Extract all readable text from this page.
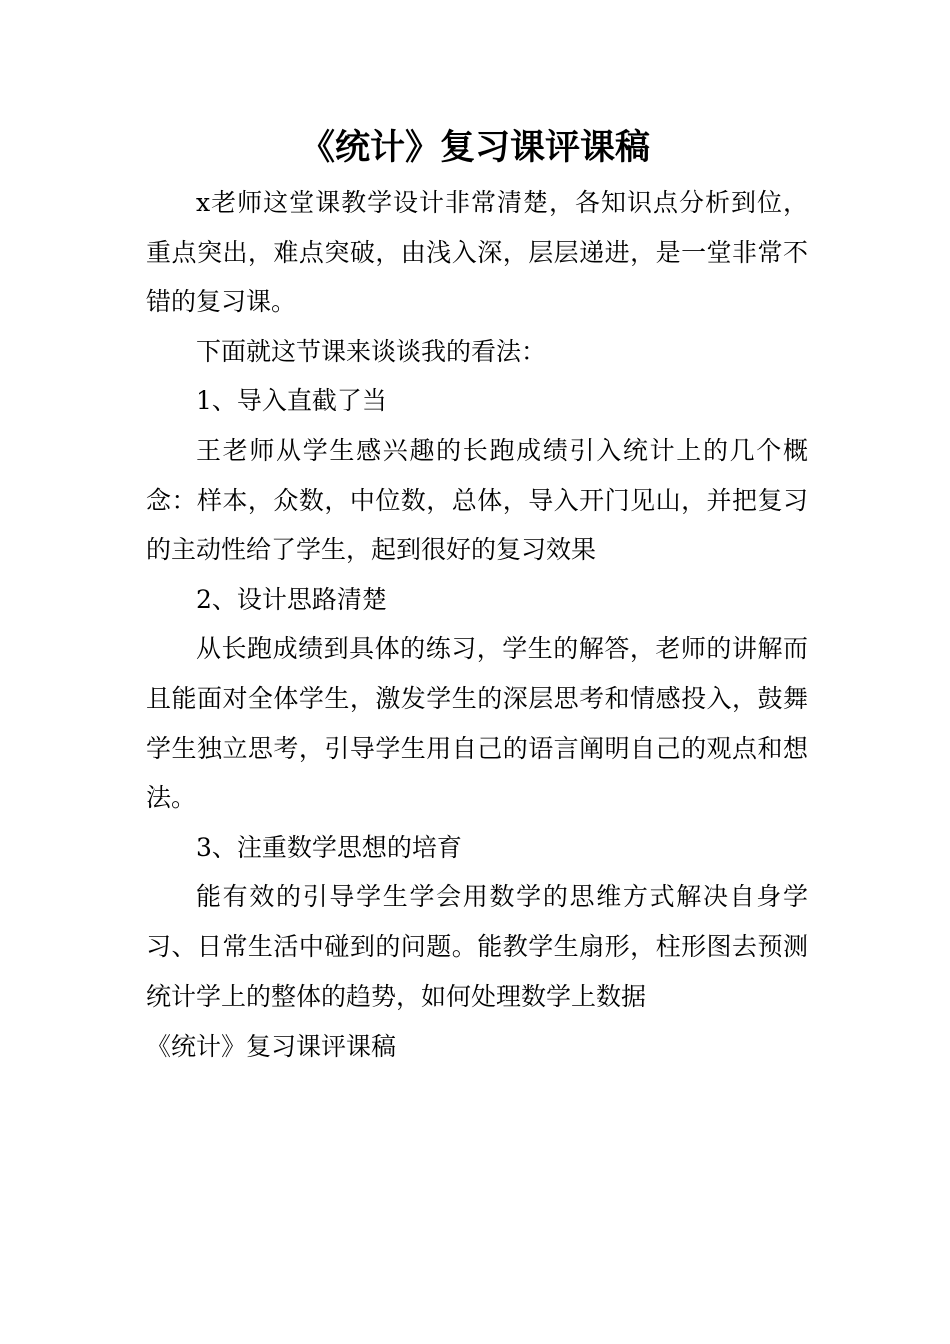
《统计》复习课评课稿

x老师这堂课教学设计非常清楚，各知识点分析到位，重点突出，难点突破，由浅入深，层层递进，是一堂非常不错的复习课。

下面就这节课来谈谈我的看法：

1、导入直截了当

王老师从学生感兴趣的长跑成绩引入统计上的几个概念：样本，众数，中位数，总体，导入开门见山，并把复习的主动性给了学生，起到很好的复习效果

2、设计思路清楚

从长跑成绩到具体的练习，学生的解答，老师的讲解而且能面对全体学生，激发学生的深层思考和情感投入，鼓舞学生独立思考，引导学生用自己的语言阐明自己的观点和想法。

3、注重数学思想的培育

能有效的引导学生学会用数学的思维方式解决自身学习、日常生活中碰到的问题。能教学生扇形，柱形图去预测统计学上的整体的趋势，如何处理数学上数据

《统计》复习课评课稿
